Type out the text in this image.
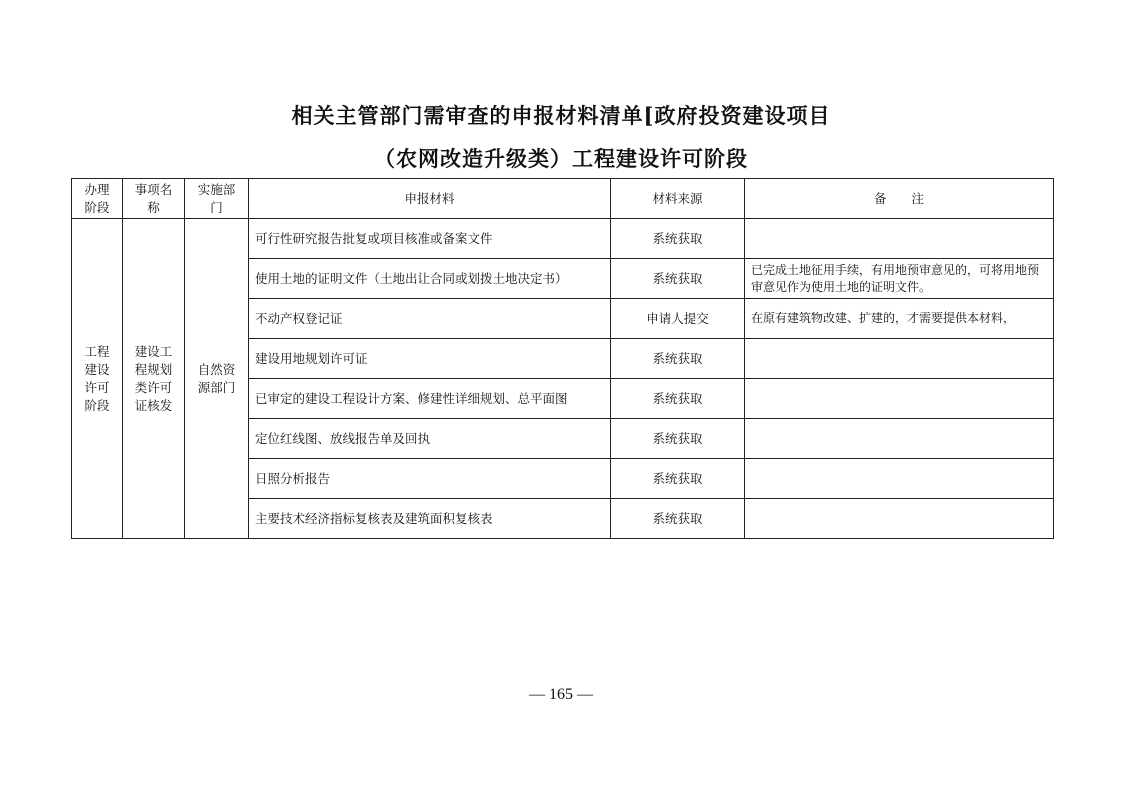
相关主管部门需审查的申报材料清单[政府投资建设项目
（农网改造升级类）工程建设许可阶段
办理阶段	事项名称	实施部门	申报材料	材料来源	备　　注
工程建设许可阶段	建设工程规划类许可证核发	自然资源部门	可行性研究报告批复或项目核准或备案文件	系统获取	
			使用土地的证明文件（土地出让合同或划拨土地决定书）	系统获取	已完成土地征用手续，有用地预审意见的，可将用地预审意见作为使用土地的证明文件。
			不动产权登记证	申请人提交	在原有建筑物改建、扩建的，才需要提供本材料，
			建设用地规划许可证	系统获取	
			已审定的建设工程设计方案、修建性详细规划、总平面图	系统获取	
			定位红线图、放线报告单及回执	系统获取	
			日照分析报告	系统获取	
			主要技术经济指标复核表及建筑面积复核表	系统获取	
— 165 —
